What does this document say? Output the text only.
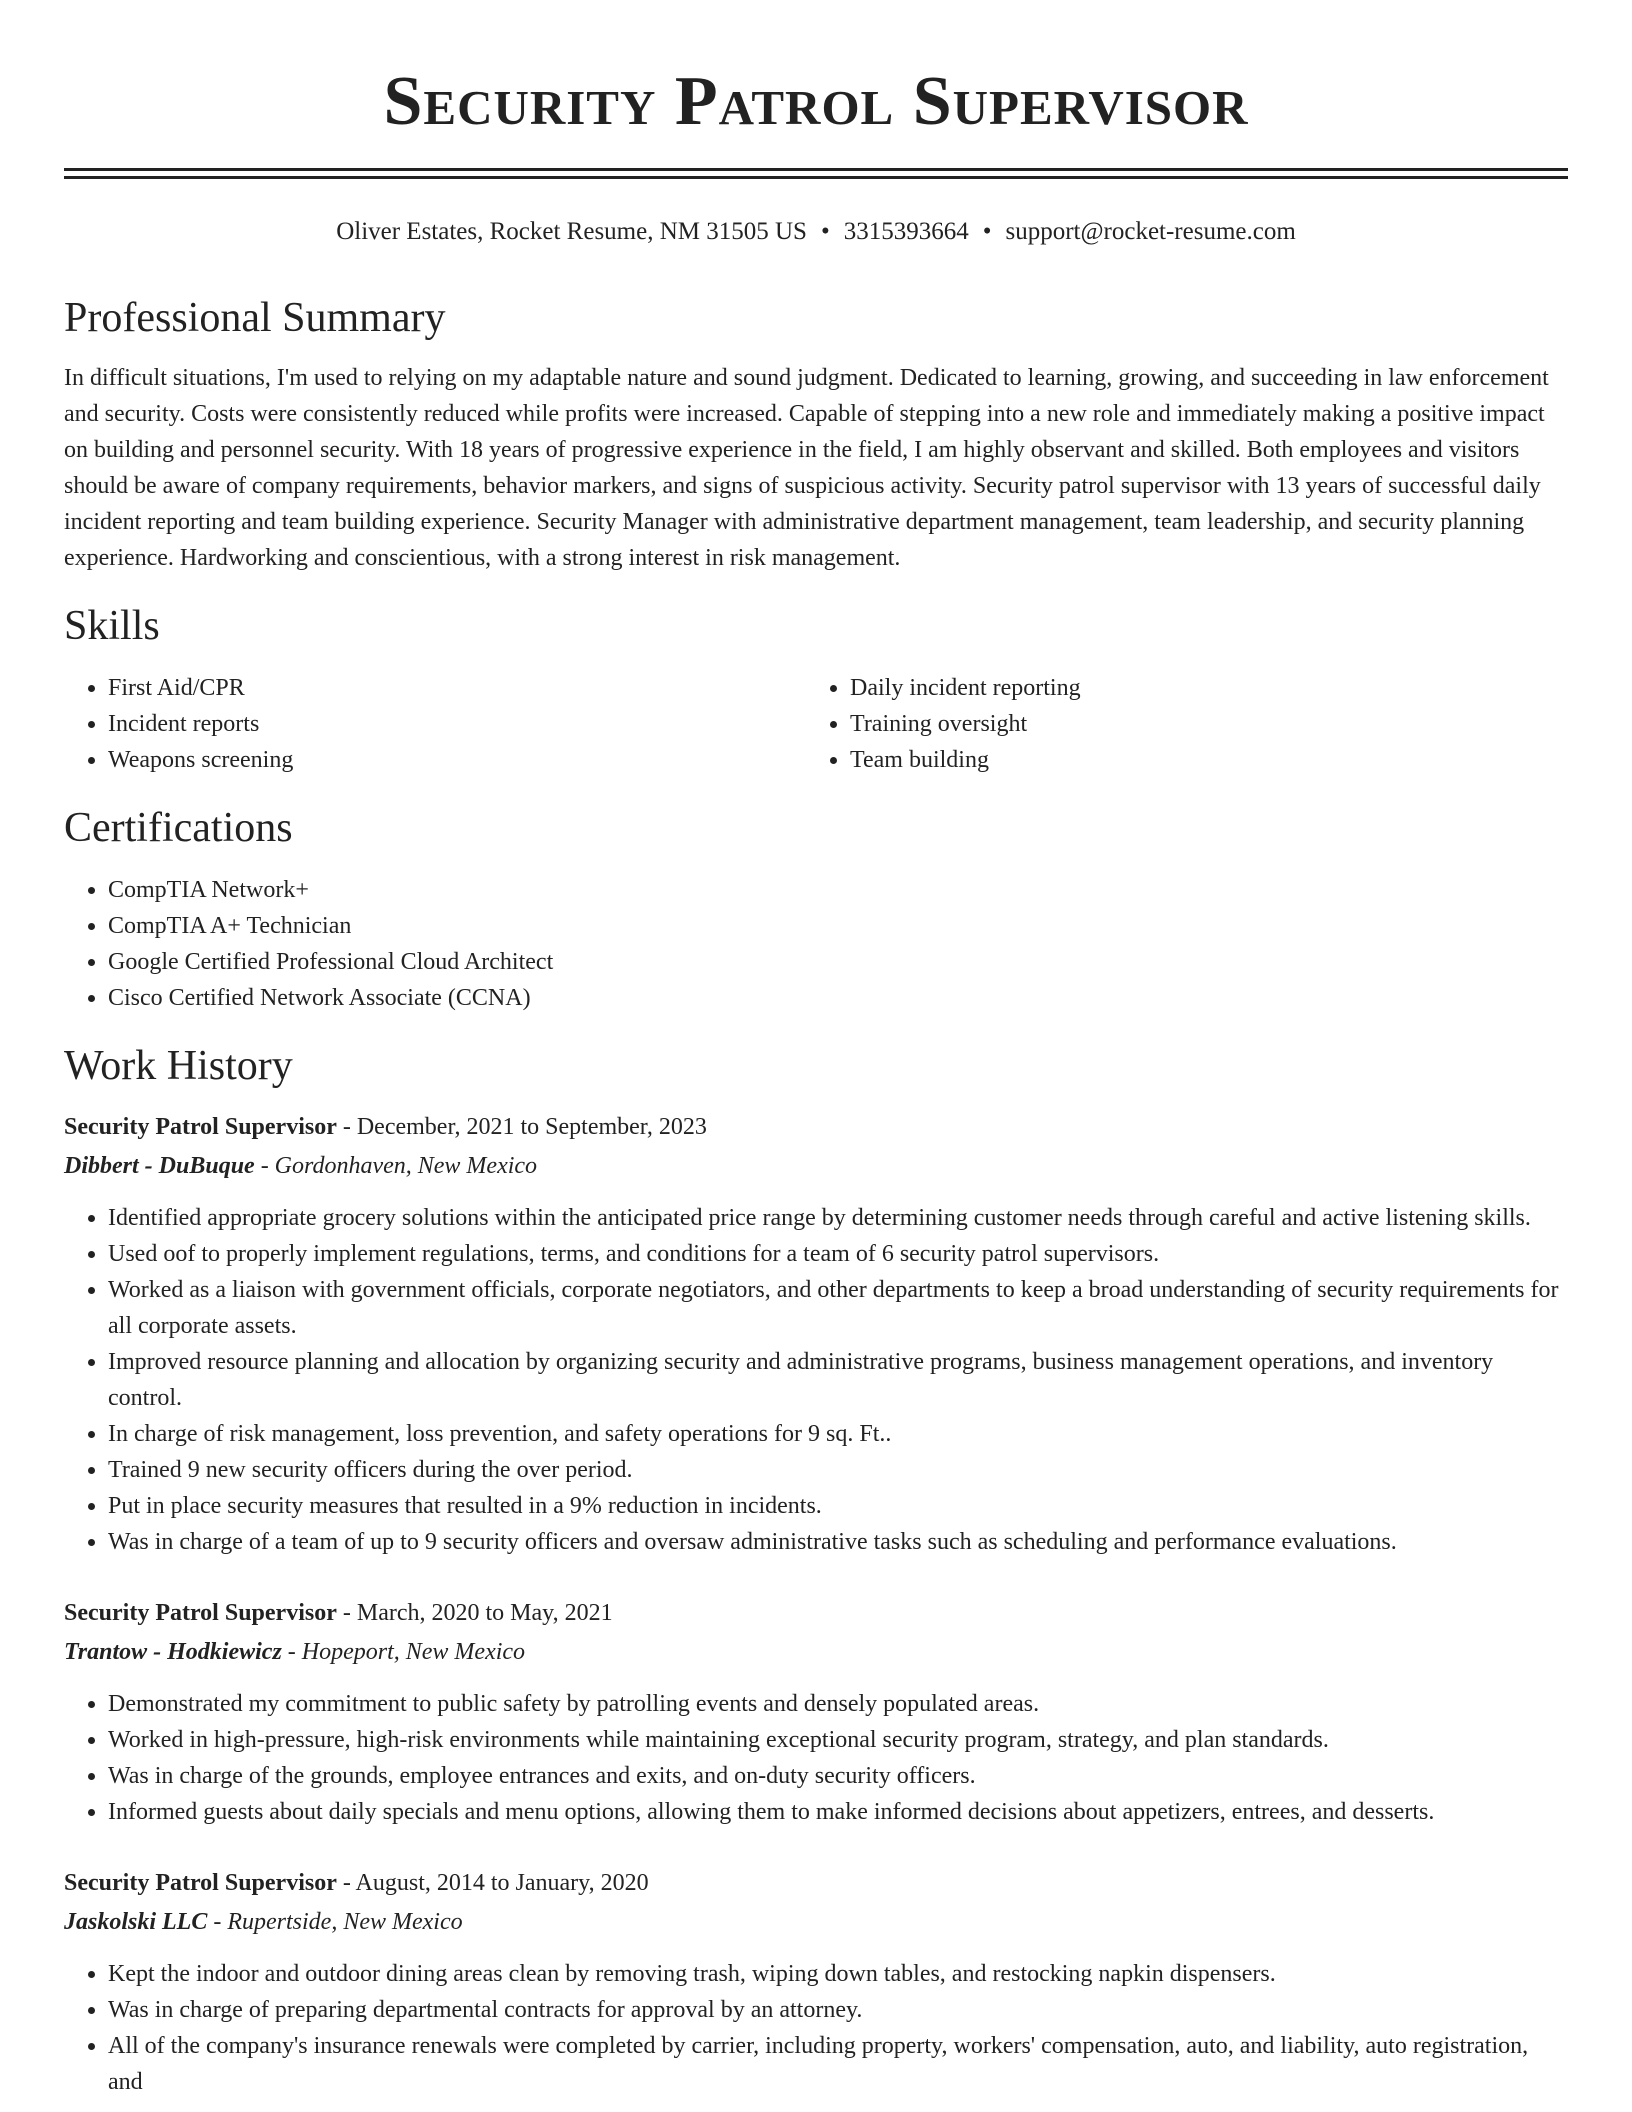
Security Patrol Supervisor
Oliver Estates, Rocket Resume, NM 31505 US • 3315393664 • support@rocket-resume.com
Professional Summary
In difficult situations, I'm used to relying on my adaptable nature and sound judgment. Dedicated to learning, growing, and succeeding in law enforcement and security. Costs were consistently reduced while profits were increased. Capable of stepping into a new role and immediately making a positive impact on building and personnel security. With 18 years of progressive experience in the field, I am highly observant and skilled. Both employees and visitors should be aware of company requirements, behavior markers, and signs of suspicious activity. Security patrol supervisor with 13 years of successful daily incident reporting and team building experience. Security Manager with administrative department management, team leadership, and security planning experience. Hardworking and conscientious, with a strong interest in risk management.
Skills
• First Aid/CPR
• Incident reports
• Weapons screening
• Daily incident reporting
• Training oversight
• Team building
Certifications
• CompTIA Network+
• CompTIA A+ Technician
• Google Certified Professional Cloud Architect
• Cisco Certified Network Associate (CCNA)
Work History
Security Patrol Supervisor - December, 2021 to September, 2023
Dibbert - DuBuque - Gordonhaven, New Mexico
• Identified appropriate grocery solutions within the anticipated price range by determining customer needs through careful and active listening skills.
• Used oof to properly implement regulations, terms, and conditions for a team of 6 security patrol supervisors.
• Worked as a liaison with government officials, corporate negotiators, and other departments to keep a broad understanding of security requirements for all corporate assets.
• Improved resource planning and allocation by organizing security and administrative programs, business management operations, and inventory control.
• In charge of risk management, loss prevention, and safety operations for 9 sq. Ft..
• Trained 9 new security officers during the over period.
• Put in place security measures that resulted in a 9% reduction in incidents.
• Was in charge of a team of up to 9 security officers and oversaw administrative tasks such as scheduling and performance evaluations.
Security Patrol Supervisor - March, 2020 to May, 2021
Trantow - Hodkiewicz - Hopeport, New Mexico
• Demonstrated my commitment to public safety by patrolling events and densely populated areas.
• Worked in high-pressure, high-risk environments while maintaining exceptional security program, strategy, and plan standards.
• Was in charge of the grounds, employee entrances and exits, and on-duty security officers.
• Informed guests about daily specials and menu options, allowing them to make informed decisions about appetizers, entrees, and desserts.
Security Patrol Supervisor - August, 2014 to January, 2020
Jaskolski LLC - Rupertside, New Mexico
• Kept the indoor and outdoor dining areas clean by removing trash, wiping down tables, and restocking napkin dispensers.
• Was in charge of preparing departmental contracts for approval by an attorney.
• All of the company's insurance renewals were completed by carrier, including property, workers' compensation, auto, and liability, auto registration, and
